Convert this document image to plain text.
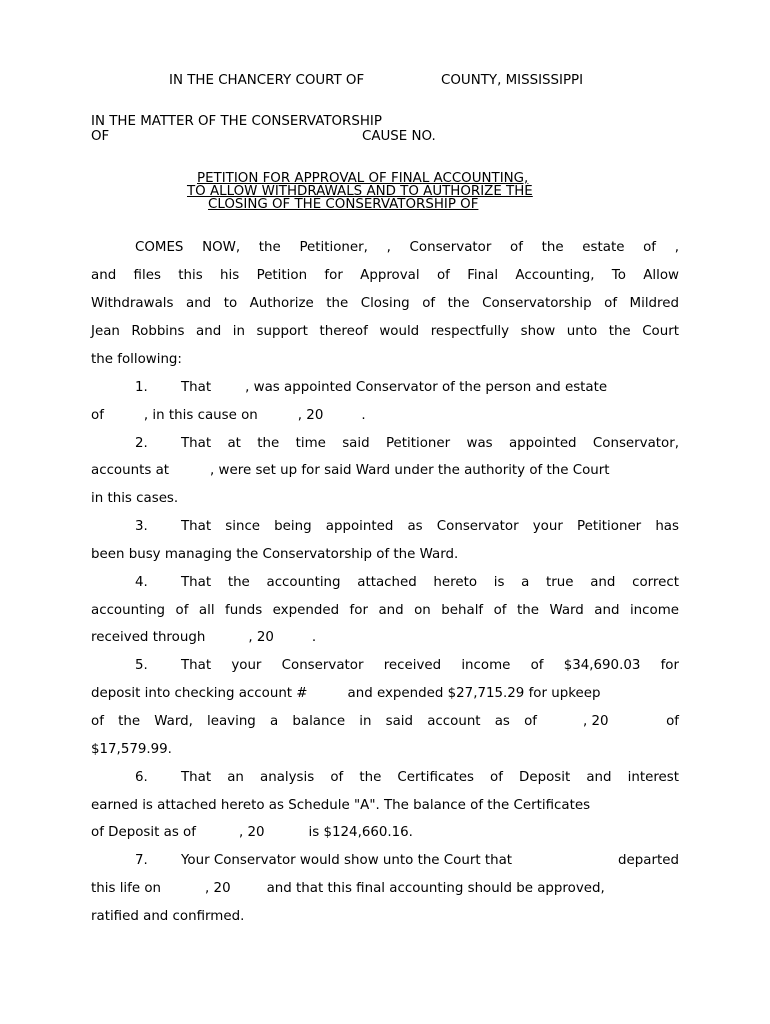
IN THE CHANCERY COURT OF	COUNTY, MISSISSIPPI
IN THE MATTER OF THE CONSERVATORSHIP
OF	CAUSE NO.
PETITION FOR APPROVAL OF FINAL ACCOUNTING,
TO ALLOW WITHDRAWALS AND TO AUTHORIZE THE
CLOSING OF THE CONSERVATORSHIP OF
COMES NOW, the Petitioner, , Conservator of the estate of ,
and files this his Petition for Approval of Final Accounting, To Allow
Withdrawals and to Authorize the Closing of the Conservatorship of Mildred
Jean Robbins and in support thereof would respectfully show unto the Court
the following:
1. That	, was appointed Conservator of the person and estate
of	, in this cause on	, 20	.
2. That at the time said Petitioner was appointed Conservator,
accounts at	, were set up for said Ward under the authority of the Court
in this cases.
3. That since being appointed as Conservator your Petitioner has
been busy managing the Conservatorship of the Ward.
4. That the accounting attached hereto is a true and correct
accounting of all funds expended for and on behalf of the Ward and income
received through	, 20	.
5. That your Conservator received income of $34,690.03 for
deposit into checking account #	and expended $27,715.29 for upkeep
of the Ward, leaving a balance in said account as of	, 20	of
$17,579.99.
6. That an analysis of the Certificates of Deposit and interest
earned is attached hereto as Schedule "A". The balance of the Certificates
of Deposit as of	, 20	is $124,660.16.
7. Your Conservator would show unto the Court that	departed
this life on	, 20	and that this final accounting should be approved,
ratified and confirmed.
